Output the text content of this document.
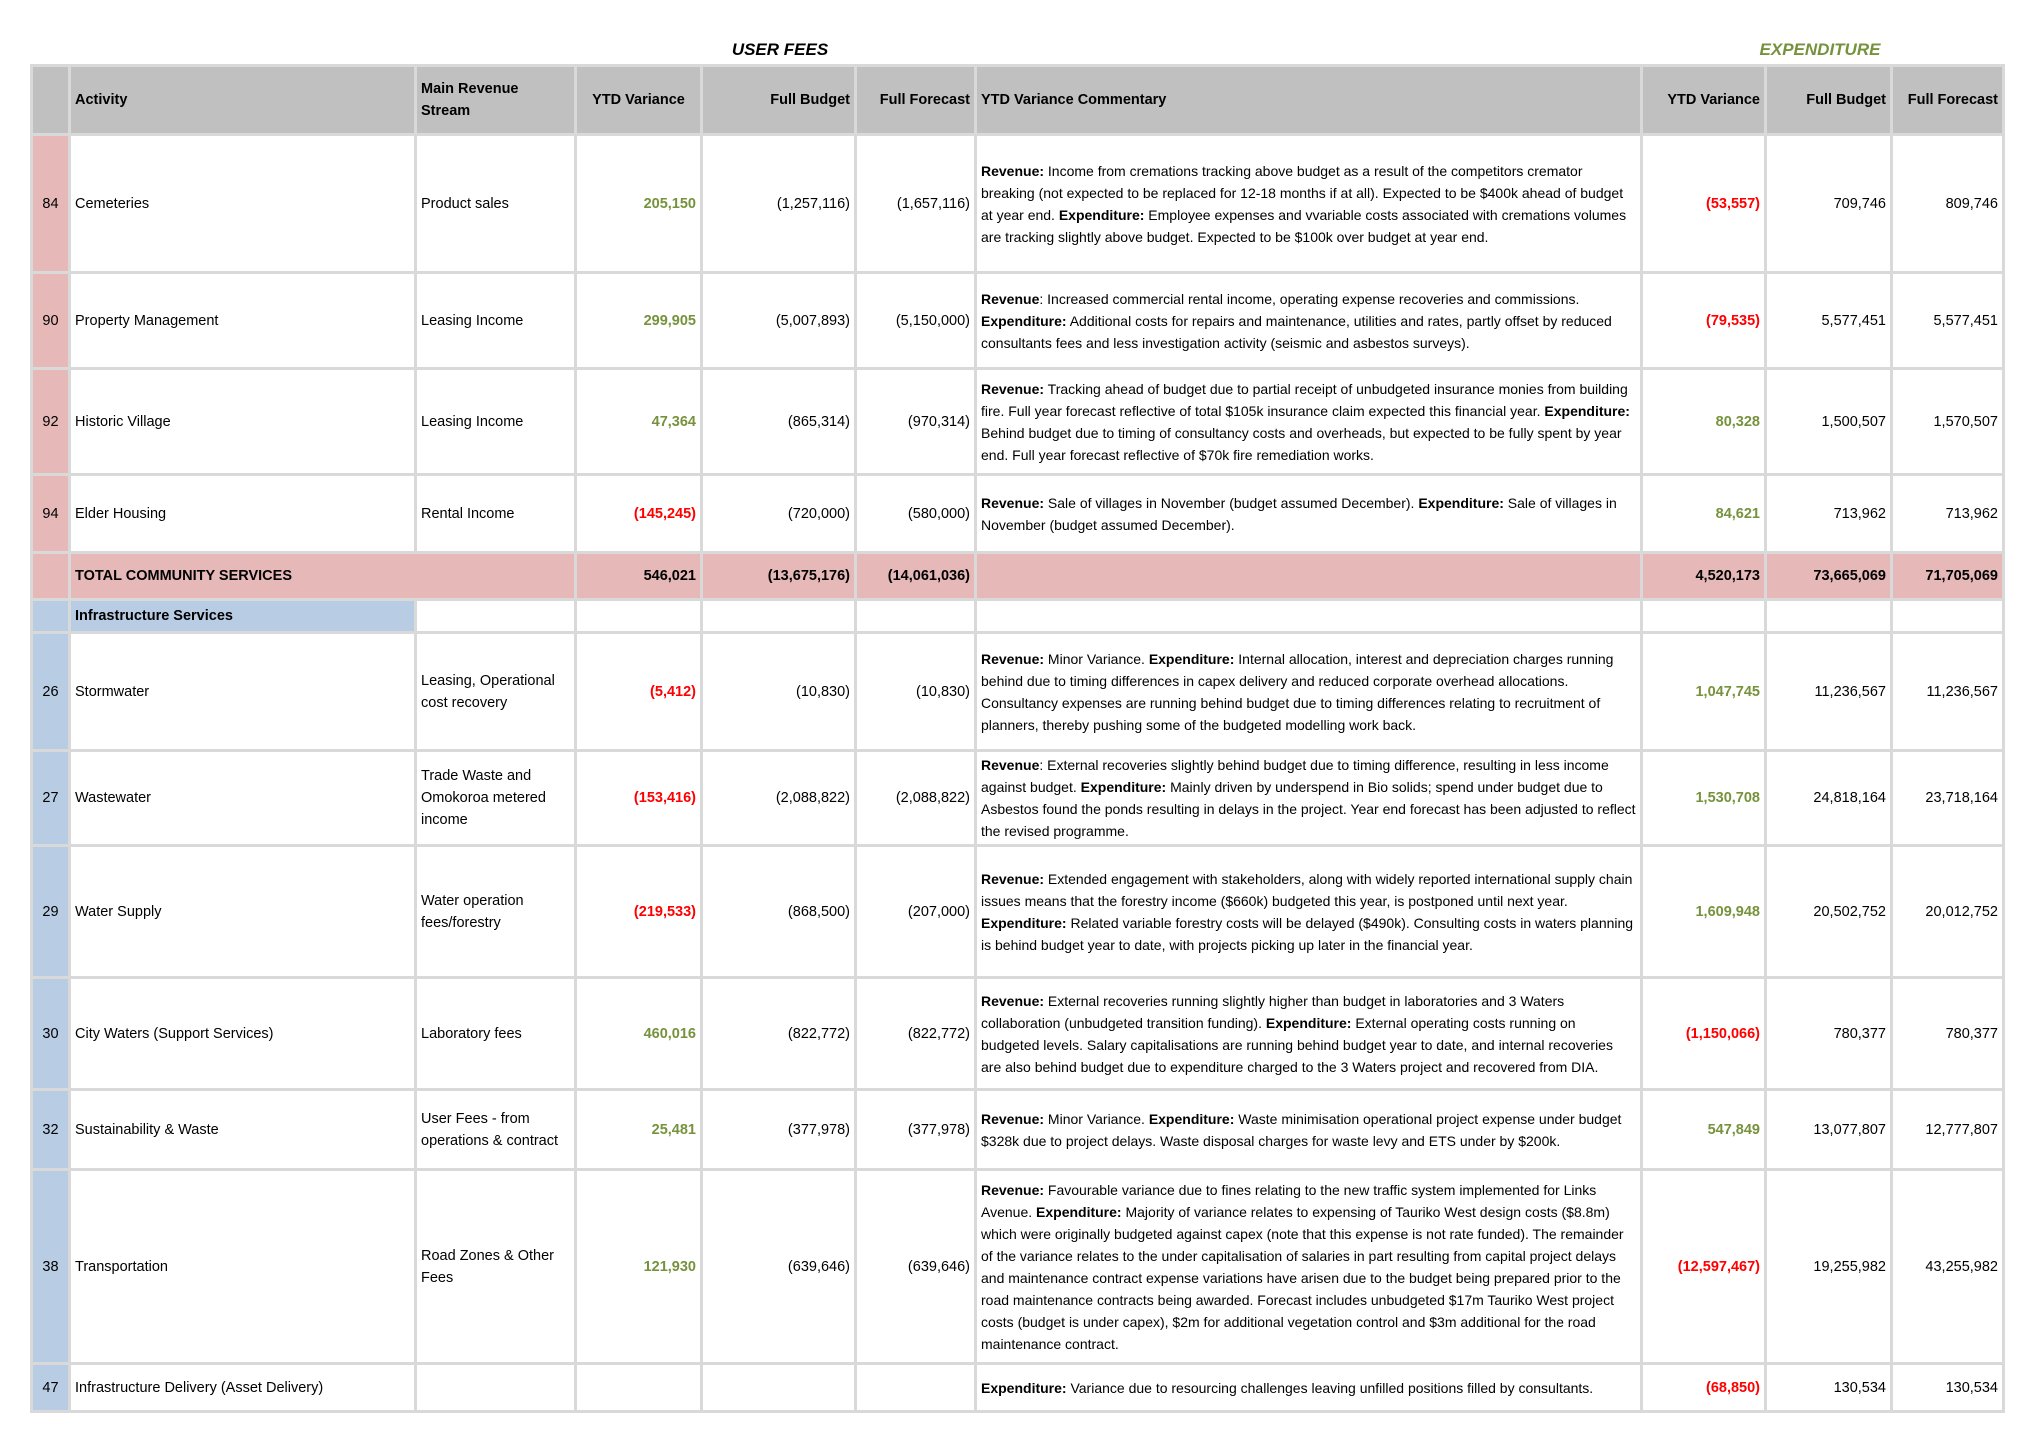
USER FEES	EXPENDITURE
	Activity	Main Revenue Stream	YTD Variance	Full Budget	Full Forecast	YTD Variance Commentary	YTD Variance	Full Budget	Full Forecast
84	Cemeteries	Product sales	205,150	(1,257,116)	(1,657,116)	Revenue: Income from cremations tracking above budget as a result of the competitors cremator breaking (not expected to be replaced for 12-18 months if at all). Expected to be $400k ahead of budget at year end. Expenditure: Employee expenses and vvariable costs associated with cremations volumes are tracking slightly above budget. Expected to be $100k over budget at year end.	(53,557)	709,746	809,746
90	Property Management	Leasing Income	299,905	(5,007,893)	(5,150,000)	Revenue: Increased commercial rental income, operating expense recoveries and commissions. Expenditure: Additional costs for repairs and maintenance, utilities and rates, partly offset by reduced consultants fees and less investigation activity (seismic and asbestos surveys).	(79,535)	5,577,451	5,577,451
92	Historic Village	Leasing Income	47,364	(865,314)	(970,314)	Revenue: Tracking ahead of budget due to partial receipt of unbudgeted insurance monies from building fire. Full year forecast reflective of total $105k insurance claim expected this financial year. Expenditure: Behind budget due to timing of consultancy costs and overheads, but expected to be fully spent by year end. Full year forecast reflective of $70k fire remediation works.	80,328	1,500,507	1,570,507
94	Elder Housing	Rental Income	(145,245)	(720,000)	(580,000)	Revenue: Sale of villages in November (budget assumed December). Expenditure: Sale of villages in November (budget assumed December).	84,621	713,962	713,962
	TOTAL COMMUNITY SERVICES		546,021	(13,675,176)	(14,061,036)		4,520,173	73,665,069	71,705,069
	Infrastructure Services								
26	Stormwater	Leasing, Operational cost recovery	(5,412)	(10,830)	(10,830)	Revenue: Minor Variance. Expenditure: Internal allocation, interest and depreciation charges running behind due to timing differences in capex delivery and reduced corporate overhead allocations. Consultancy expenses are running behind budget due to timing differences relating to recruitment of planners, thereby pushing some of the budgeted modelling work back.	1,047,745	11,236,567	11,236,567
27	Wastewater	Trade Waste and Omokoroa metered income	(153,416)	(2,088,822)	(2,088,822)	Revenue: External recoveries slightly behind budget due to timing difference, resulting in less income against budget. Expenditure: Mainly driven by underspend in Bio solids; spend under budget due to Asbestos found the ponds resulting in delays in the project. Year end forecast has been adjusted to reflect the revised programme.	1,530,708	24,818,164	23,718,164
29	Water Supply	Water operation fees/forestry	(219,533)	(868,500)	(207,000)	Revenue: Extended engagement with stakeholders, along with widely reported international supply chain issues means that the forestry income ($660k) budgeted this year, is postponed until next year. Expenditure: Related variable forestry costs will be delayed ($490k). Consulting costs in waters planning is behind budget year to date, with projects picking up later in the financial year.	1,609,948	20,502,752	20,012,752
30	City Waters (Support Services)	Laboratory fees	460,016	(822,772)	(822,772)	Revenue: External recoveries running slightly higher than budget in laboratories and 3 Waters collaboration (unbudgeted transition funding). Expenditure: External operating costs running on budgeted levels. Salary capitalisations are running behind budget year to date, and internal recoveries are also behind budget due to expenditure charged to the 3 Waters project and recovered from DIA.	(1,150,066)	780,377	780,377
32	Sustainability & Waste	User Fees - from operations & contract	25,481	(377,978)	(377,978)	Revenue: Minor Variance. Expenditure: Waste minimisation operational project expense under budget $328k due to project delays. Waste disposal charges for waste levy and ETS under by $200k.	547,849	13,077,807	12,777,807
38	Transportation	Road Zones & Other Fees	121,930	(639,646)	(639,646)	Revenue: Favourable variance due to fines relating to the new traffic system implemented for Links Avenue. Expenditure: Majority of variance relates to expensing of Tauriko West design costs ($8.8m) which were originally budgeted against capex (note that this expense is not rate funded). The remainder of the variance relates to the under capitalisation of salaries in part resulting from capital project delays and maintenance contract expense variations have arisen due to the budget being prepared prior to the road maintenance contracts being awarded. Forecast includes unbudgeted $17m Tauriko West project costs (budget is under capex), $2m for additional vegetation control and $3m additional for the road maintenance contract.	(12,597,467)	19,255,982	43,255,982
47	Infrastructure Delivery (Asset Delivery)					Expenditure: Variance due to resourcing challenges leaving unfilled positions filled by consultants.	(68,850)	130,534	130,534
